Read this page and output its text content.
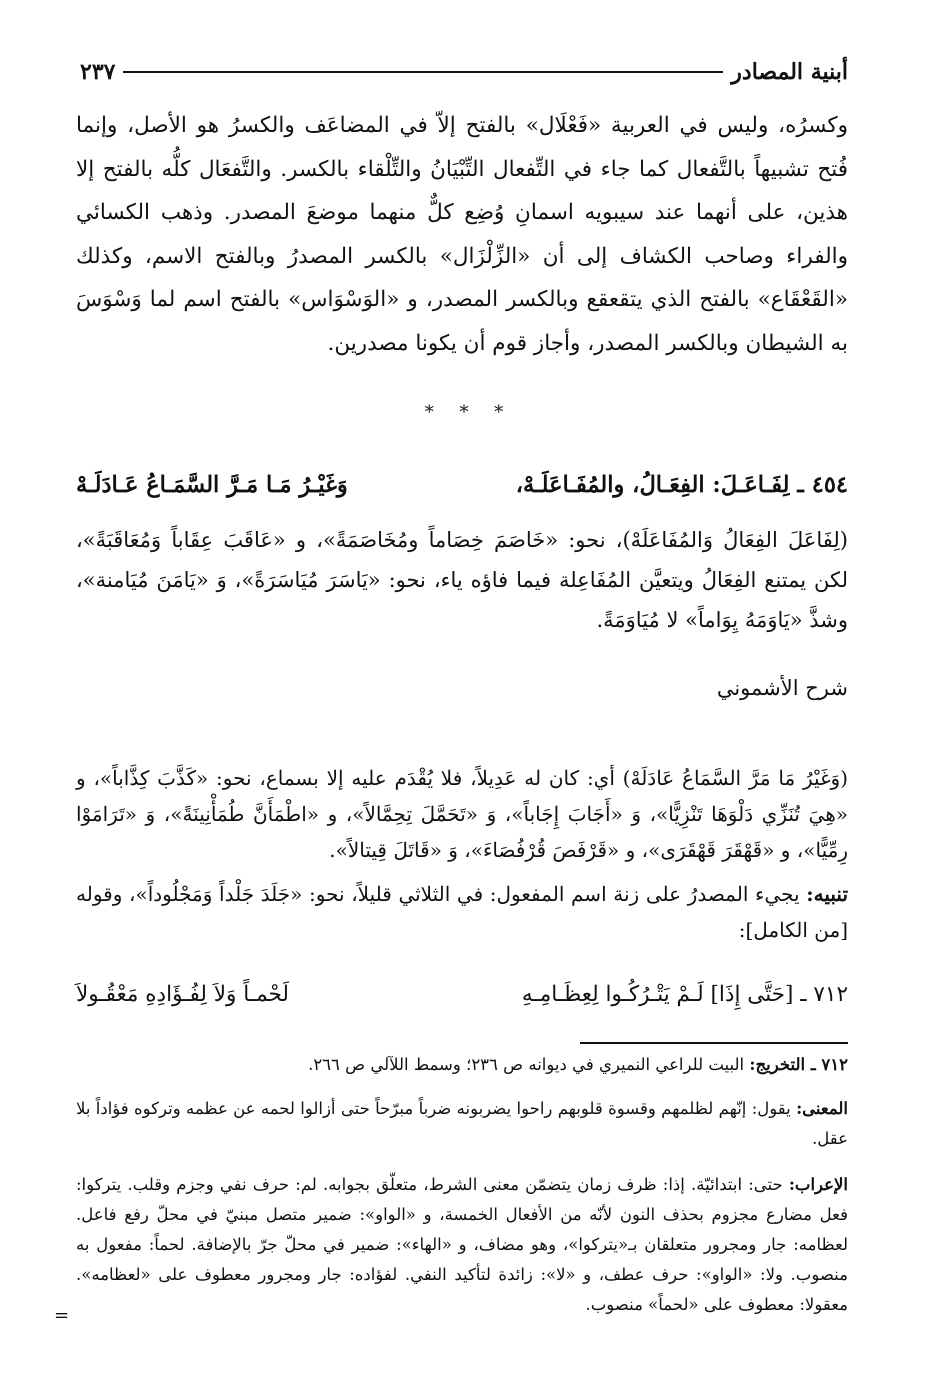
أبنية المصادر
٢٣٧

وكسرُه، وليس في العربية «فَعْلَال» بالفتح إلاّ في المضاعَف والكسرُ هو الأصل، وإنما فُتح تشبيهاً بالتَّفعال كما جاء في التِّفعال التِّبْيَانُ والتِّلْقاء بالكسر. والتَّفعَال كلُّه بالفتح إلا هذين، على أنهما عند سيبويه اسمانِ وُضِع كلٌّ منهما موضعَ المصدر. وذهب الكسائي والفراء وصاحب الكشاف إلى أن «الزِّلْزَال» بالكسر المصدرُ وبالفتح الاسم، وكذلك «القَعْقَاع» بالفتح الذي يتقعقع وبالكسر المصدر، و «الوَسْوَاس» بالفتح اسم لما وَسْوَسَ به الشيطان وبالكسر المصدر، وأجاز قوم أن يكونا مصدرين.

* * *
٤٥٤ ـ لِفَـاعَـلَ: الفِعَـالُ، والمُفَـاعَلَـهْ،
وَغَيْـرُ مَـا مَـرَّ السَّمَـاعُ عَـادَلَـهْ

(لِفَاعَلَ الفِعَالُ وَالمُفَاعَلَهْ)، نحو: «خَاصَمَ خِصَاماً ومُخَاصَمَةً»، و «عَاقَبَ عِقَاباً وَمُعَاقَبَةً»، لكن يمتنع الفِعَالُ ويتعيَّن المُفَاعِلة فيما فاؤه ياء، نحو: «يَاسَرَ مُيَاسَرَةً»، وَ «يَامَنَ مُيَامنة»، وشذَّ «يَاوَمَهُ يِوَاماً» لا مُيَاوَمَةً.

شرح الأشموني

(وَغَيْرُ مَا مَرَّ السَّمَاعُ عَادَلَهْ) أي: كان له عَدِيلاً، فلا يُقْدَم عليه إلا بسماع، نحو: «كَذَّبَ كِذَّاباً»، و «هِيَ تُنَزِّي دَلْوَهَا تَنْزِيًّا»، وَ «أَجَابَ إِجَاباً»، وَ «تَحَمَّلَ تِحِمَّالاً»، و «اطْمَأَنَّ طُمَأْنِينَةً»، وَ «تَرَامَوْا رِمِّيًّا»، و «قَهْقَرَ قَهْقَرَى»، و «قَرْفَصَ قُرْفُصَاءَ»، وَ «قَاتَلَ قِيتالاً».

تنبيه: يجيء المصدرُ على زنة اسم المفعول: في الثلاثي قليلاً، نحو: «جَلَدَ جَلْداً وَمَجْلُوداً»، وقوله [من الكامل]:

٧١٢ ـ [حَتَّى إِذَا] لَـمْ يَتْـرُكُـوا لِعِظَـامِـهِ
لَحْمـاً وَلاَ لِفُـؤَادِهِ مَعْقُـولاَ

٧١٢ ـ التخريج: البيت للراعي النميري في ديوانه ص ٢٣٦؛ وسمط اللآلي ص ٢٦٦.

المعنى: يقول: إنّهم لظلمهم وقسوة قلوبهم راحوا يضربونه ضرباً مبرّحاً حتى أزالوا لحمه عن عظمه وتركوه فؤاداً بلا عقل.

الإعراب: حتى: ابتدائيّة. إذا: ظرف زمان يتضمّن معنى الشرط، متعلّق بجوابه. لم: حرف نفي وجزم وقلب. يتركوا: فعل مضارع مجزوم بحذف النون لأنّه من الأفعال الخمسة، و «الواو»: ضمير متصل مبنيّ في محلّ رفع فاعل. لعظامه: جار ومجرور متعلقان بـ«يتركوا»، وهو مضاف، و «الهاء»: ضمير في محلّ جرّ بالإضافة. لحماً: مفعول به منصوب. ولا: «الواو»: حرف عطف، و «لا»: زائدة لتأكيد النفي. لفؤاده: جار ومجرور معطوف على «لعظامه». معقولا: معطوف على «لحماً» منصوب.

=
